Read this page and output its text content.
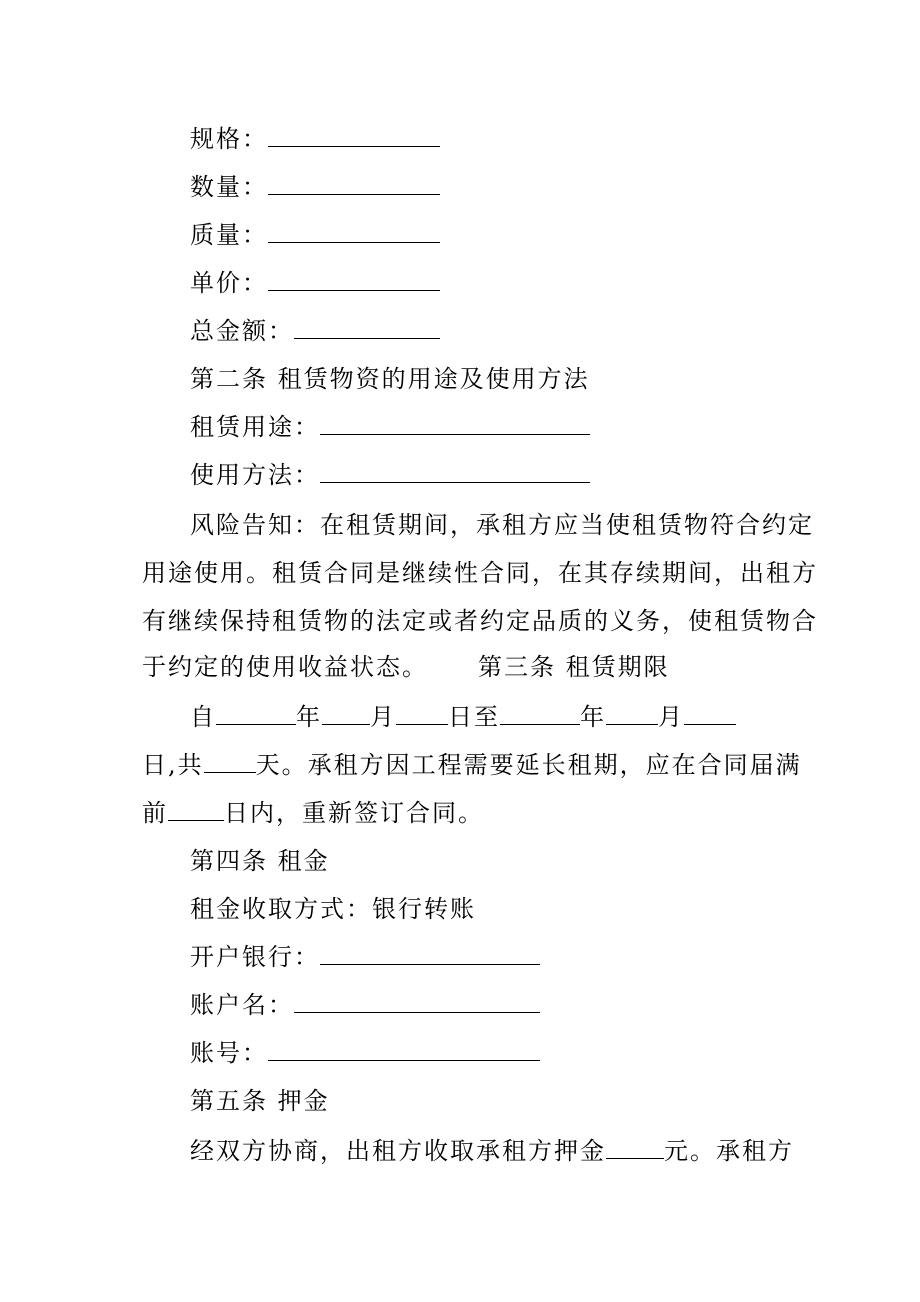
规格：
数量：
质量：
单价：
总金额：
第二条 租赁物资的用途及使用方法
租赁用途：
使用方法：
风险告知：在租赁期间，承租方应当使租赁物符合约定
用途使用。租赁合同是继续性合同，在其存续期间，出租方
有继续保持租赁物的法定或者约定品质的义务，使租赁物合
于约定的使用收益状态。 第三条 租赁期限
自	年 月 日至	年 月
日,共 天。承租方因工程需要延长租期，应在合同届满
前 日内，重新签订合同。
第四条 租金
租金收取方式：银行转账
开户银行：
账户名：
账号：
第五条 押金
经双方协商，出租方收取承租方押金 元。承租方
